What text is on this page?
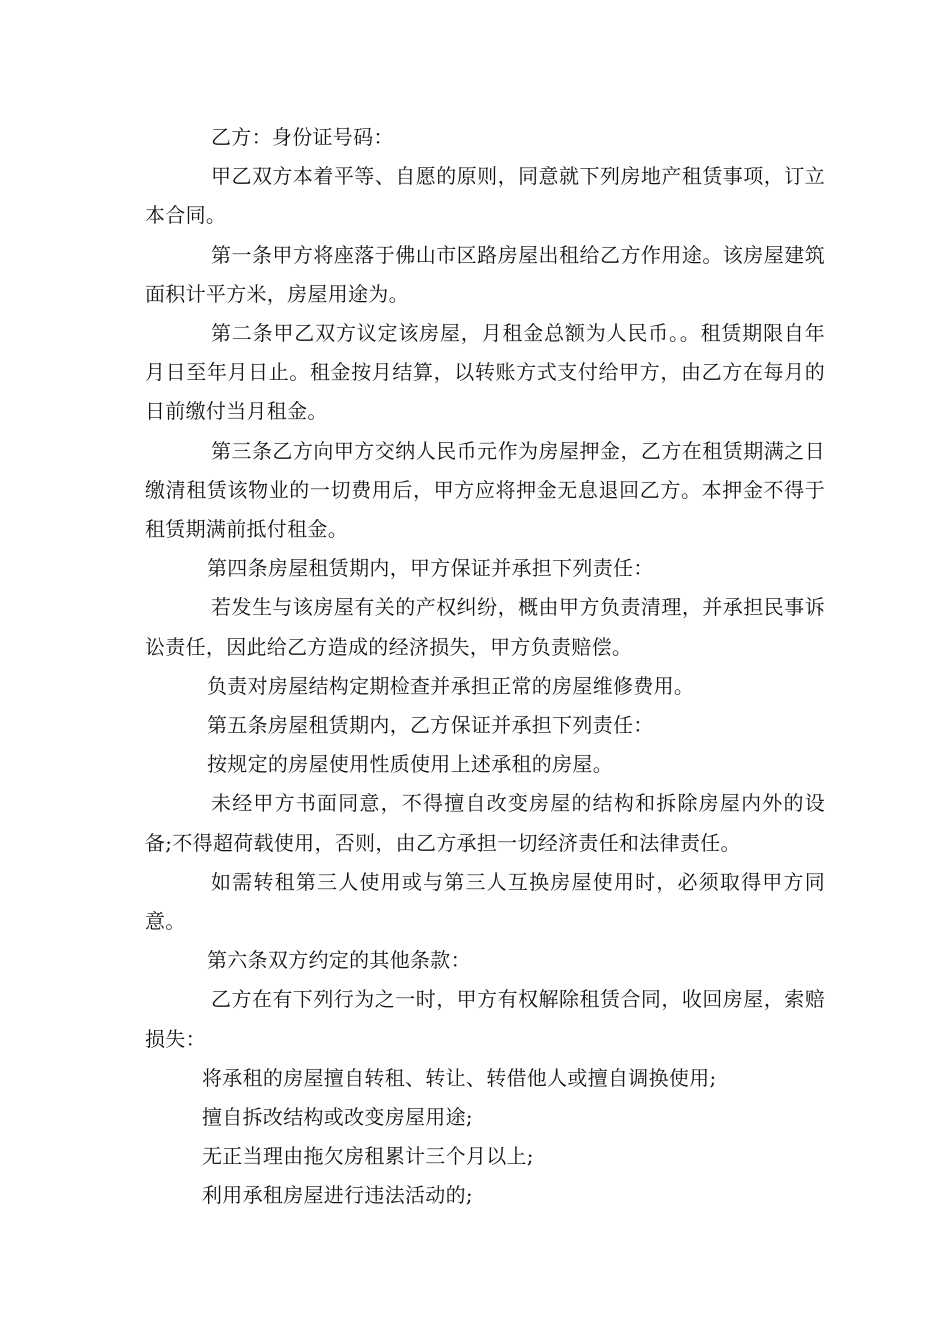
乙方：身份证号码：

甲乙双方本着平等、自愿的原则，同意就下列房地产租赁事项，订立本合同。

第一条甲方将座落于佛山市区路房屋出租给乙方作用途。该房屋建筑面积计平方米，房屋用途为。

第二条甲乙双方议定该房屋，月租金总额为人民币。。租赁期限自年月日至年月日止。租金按月结算，以转账方式支付给甲方，由乙方在每月的日前缴付当月租金。

第三条乙方向甲方交纳人民币元作为房屋押金，乙方在租赁期满之日缴清租赁该物业的一切费用后，甲方应将押金无息退回乙方。本押金不得于租赁期满前抵付租金。

第四条房屋租赁期内，甲方保证并承担下列责任：

若发生与该房屋有关的产权纠纷，概由甲方负责清理，并承担民事诉讼责任，因此给乙方造成的经济损失，甲方负责赔偿。

负责对房屋结构定期检查并承担正常的房屋维修费用。

第五条房屋租赁期内，乙方保证并承担下列责任：

按规定的房屋使用性质使用上述承租的房屋。

未经甲方书面同意，不得擅自改变房屋的结构和拆除房屋内外的设备;不得超荷载使用，否则，由乙方承担一切经济责任和法律责任。

如需转租第三人使用或与第三人互换房屋使用时，必须取得甲方同意。

第六条双方约定的其他条款：

乙方在有下列行为之一时，甲方有权解除租赁合同，收回房屋，索赔损失：

将承租的房屋擅自转租、转让、转借他人或擅自调换使用;

擅自拆改结构或改变房屋用途;

无正当理由拖欠房租累计三个月以上;

利用承租房屋进行违法活动的;
